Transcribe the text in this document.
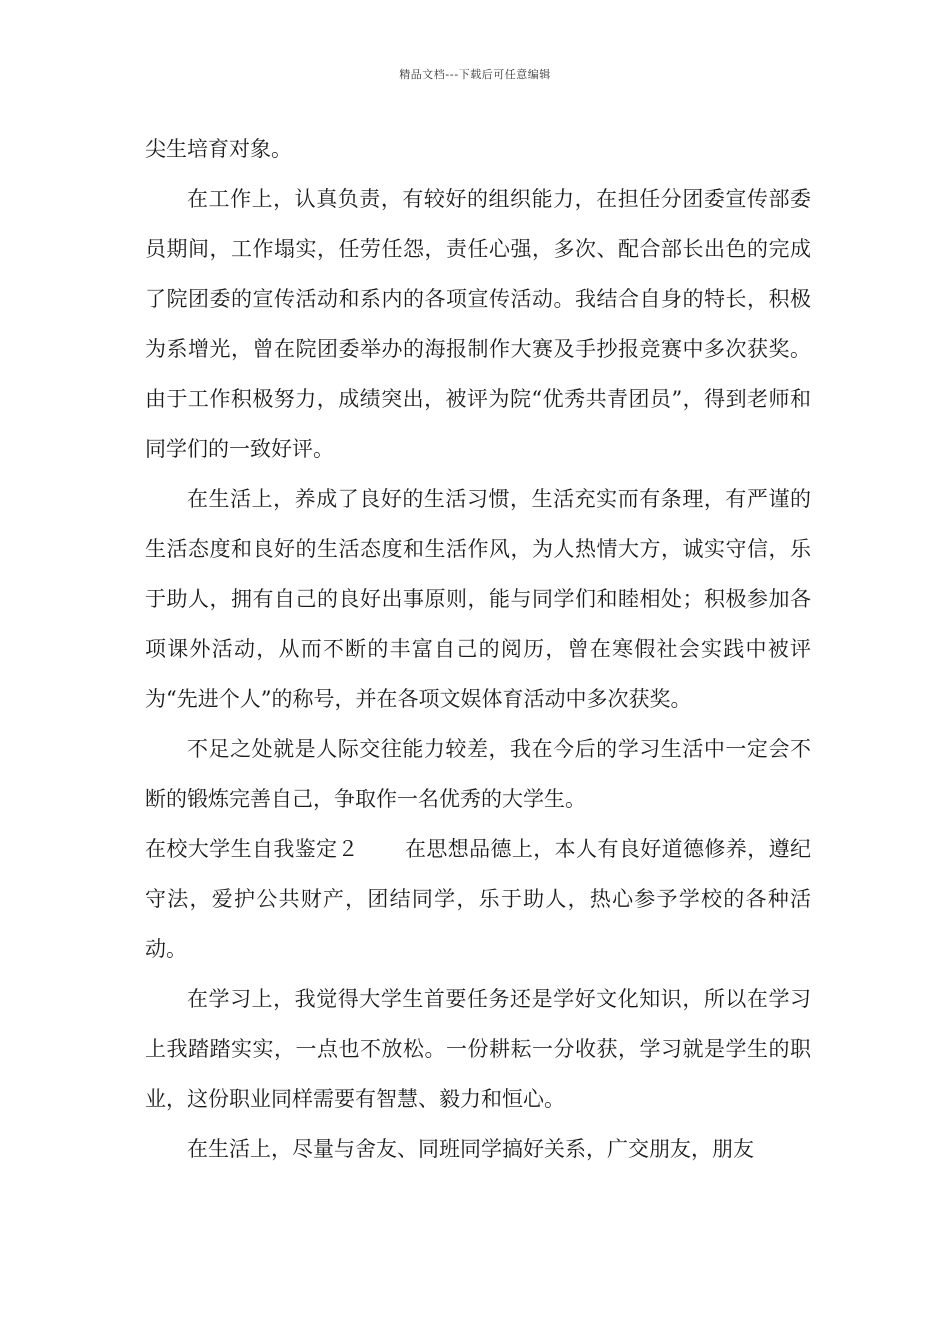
精品文档---下载后可任意编辑

尖生培育对象。

在工作上，认真负责，有较好的组织能力，在担任分团委宣传部委员期间，工作塌实，任劳任怨，责任心强，多次、配合部长出色的完成了院团委的宣传活动和系内的各项宣传活动。我结合自身的特长，积极为系增光，曾在院团委举办的海报制作大赛及手抄报竞赛中多次获奖。由于工作积极努力，成绩突出，被评为院“优秀共青团员”，得到老师和同学们的一致好评。

在生活上，养成了良好的生活习惯，生活充实而有条理，有严谨的生活态度和良好的生活态度和生活作风，为人热情大方，诚实守信，乐于助人，拥有自己的良好出事原则，能与同学们和睦相处；积极参加各项课外活动，从而不断的丰富自己的阅历，曾在寒假社会实践中被评为“先进个人”的称号，并在各项文娱体育活动中多次获奖。

不足之处就是人际交往能力较差，我在今后的学习生活中一定会不断的锻炼完善自己，争取作一名优秀的大学生。

在校大学生自我鉴定２ 在思想品德上，本人有良好道德修养，遵纪守法，爱护公共财产，团结同学，乐于助人，热心参予学校的各种活动。

在学习上，我觉得大学生首要任务还是学好文化知识，所以在学习上我踏踏实实，一点也不放松。一份耕耘一分收获，学习就是学生的职业，这份职业同样需要有智慧、毅力和恒心。

在生活上，尽量与舍友、同班同学搞好关系，广交朋友，朋友
